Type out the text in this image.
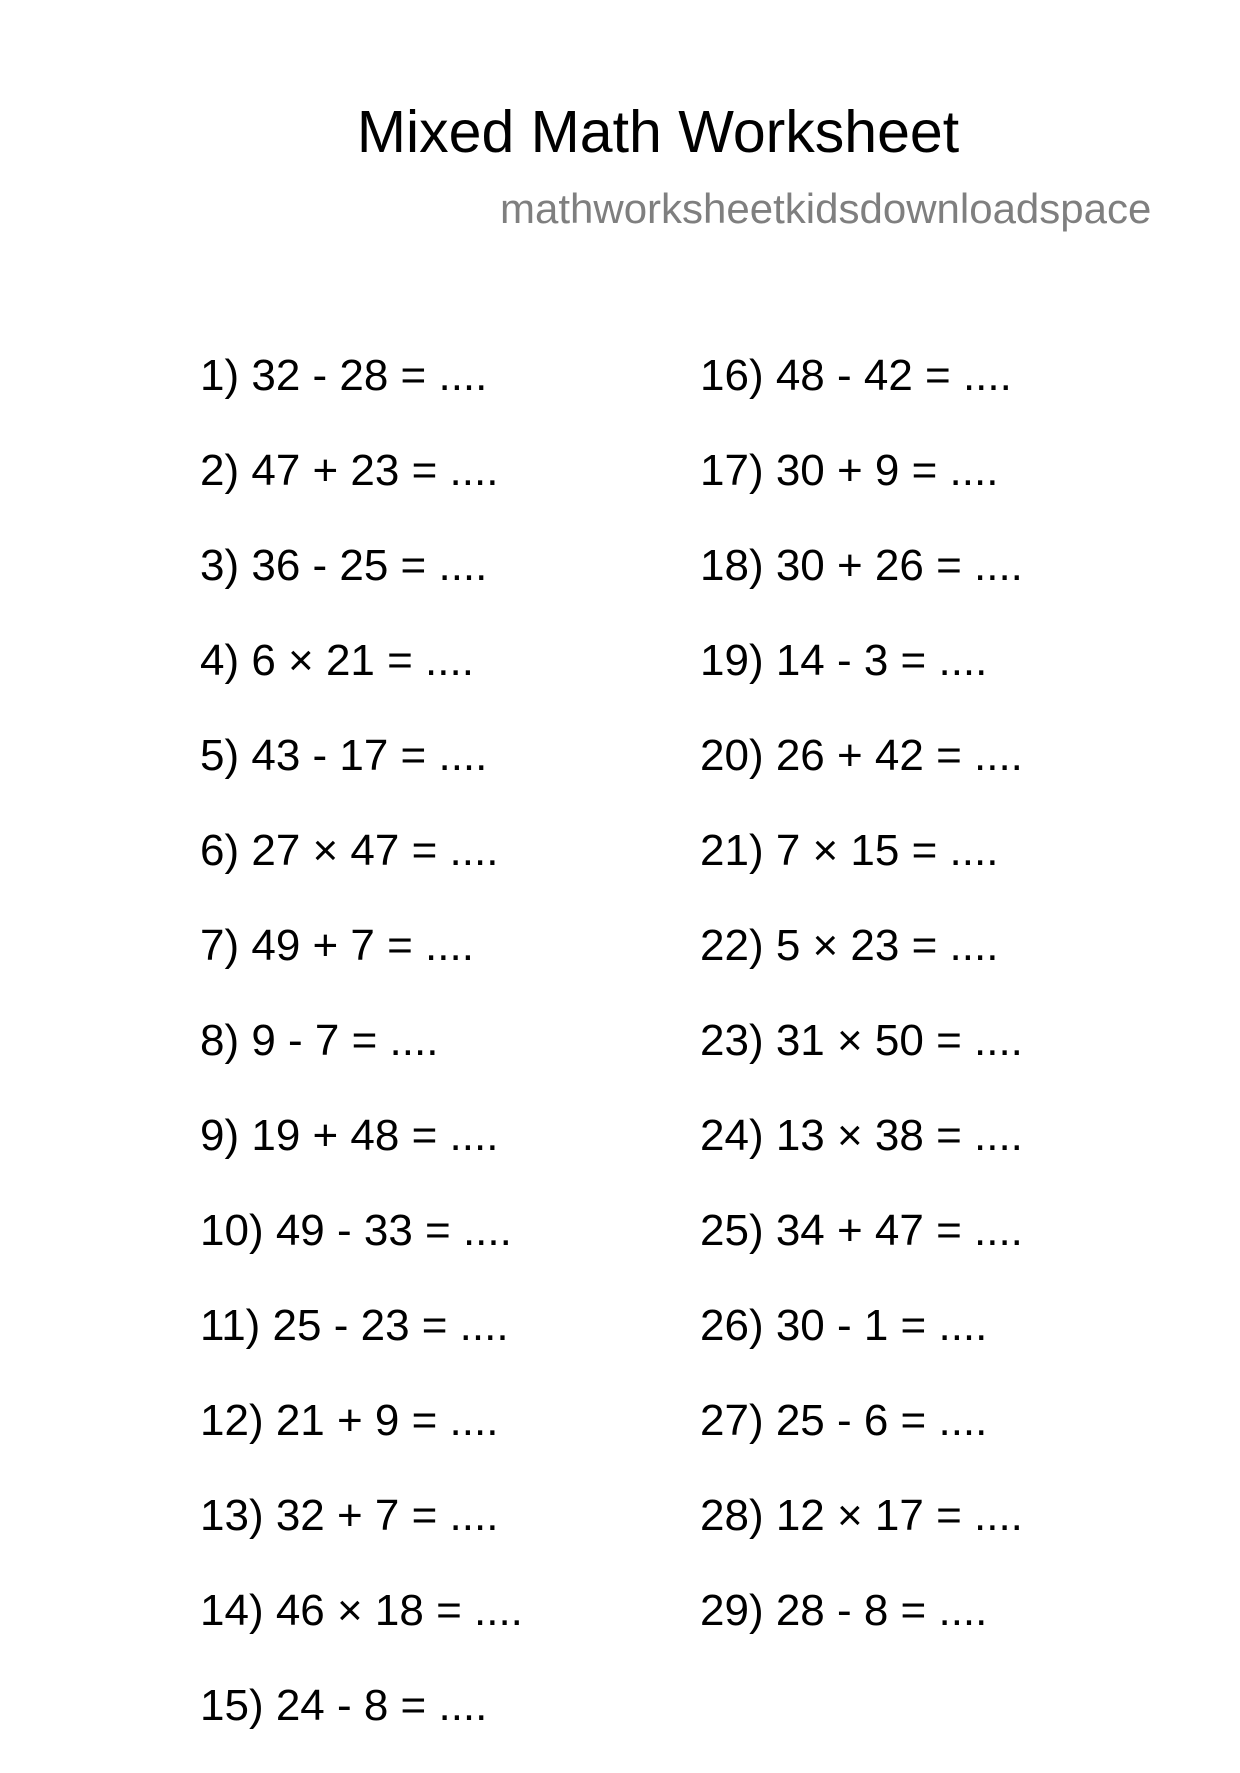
Mixed Math Worksheet
mathworksheetkidsdownloadspace
1) 32 - 28 = ....
2) 47 + 23 = ....
3) 36 - 25 = ....
4) 6 × 21 = ....
5) 43 - 17 = ....
6) 27 × 47 = ....
7) 49 + 7 = ....
8) 9 - 7 = ....
9) 19 + 48 = ....
10) 49 - 33 = ....
11) 25 - 23 = ....
12) 21 + 9 = ....
13) 32 + 7 = ....
14) 46 × 18 = ....
15) 24 - 8 = ....
16) 48 - 42 = ....
17) 30 + 9 = ....
18) 30 + 26 = ....
19) 14 - 3 = ....
20) 26 + 42 = ....
21) 7 × 15 = ....
22) 5 × 23 = ....
23) 31 × 50 = ....
24) 13 × 38 = ....
25) 34 + 47 = ....
26) 30 - 1 = ....
27) 25 - 6 = ....
28) 12 × 17 = ....
29) 28 - 8 = ....
